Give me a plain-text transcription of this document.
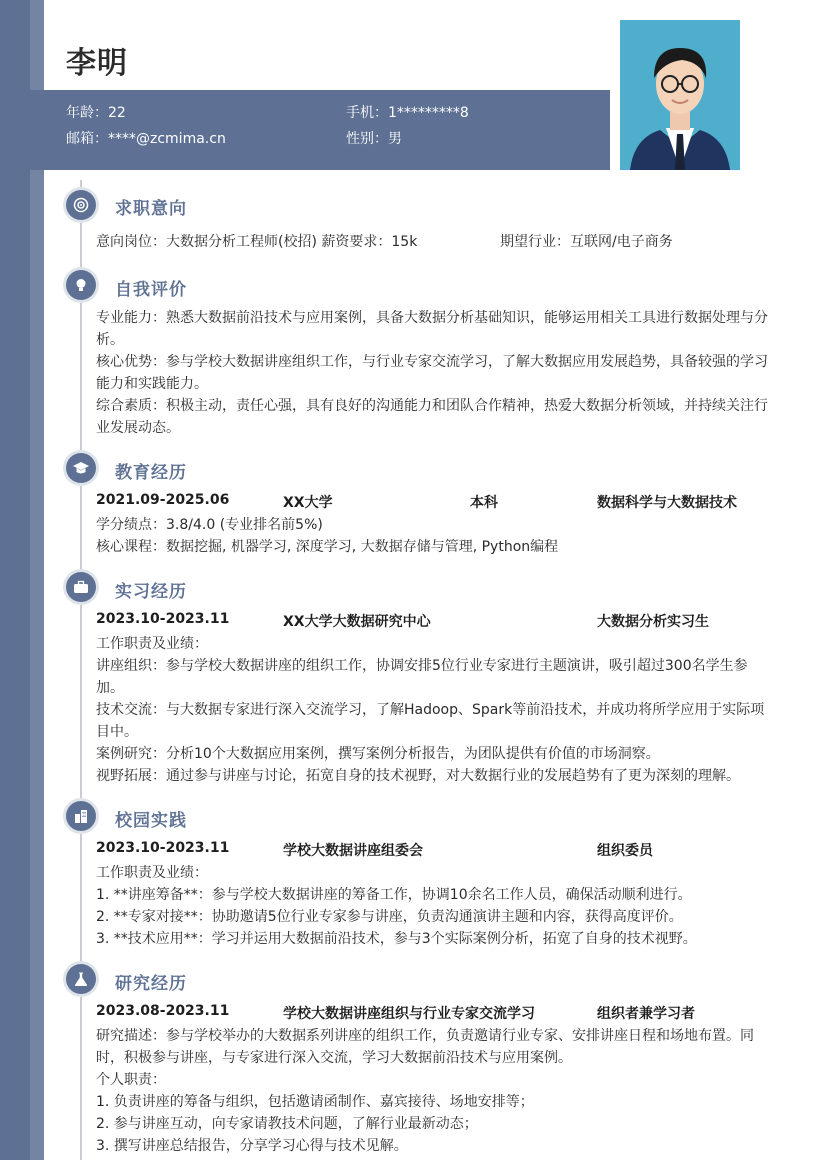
李明
年龄：22	手机：1*********8
邮箱：****@zcmima.cn	性别：男
求职意向
意向岗位：大数据分析工程师(校招) 薪资要求：15k	期望行业：互联网/电子商务
自我评价
专业能力：熟悉大数据前沿技术与应用案例，具备大数据分析基础知识，能够运用相关工具进行数据处理与分析。
核心优势：参与学校大数据讲座组织工作，与行业专家交流学习，了解大数据应用发展趋势，具备较强的学习能力和实践能力。
综合素质：积极主动，责任心强，具有良好的沟通能力和团队合作精神，热爱大数据分析领域，并持续关注行业发展动态。
教育经历
2021.09-2025.06	XX大学	本科	数据科学与大数据技术
学分绩点：3.8/4.0 (专业排名前5%)
核心课程：数据挖掘, 机器学习, 深度学习, 大数据存储与管理, Python编程
实习经历
2023.10-2023.11	XX大学大数据研究中心	大数据分析实习生
工作职责及业绩：
讲座组织：参与学校大数据讲座的组织工作，协调安排5位行业专家进行主题演讲，吸引超过300名学生参加。
技术交流：与大数据专家进行深入交流学习，了解Hadoop、Spark等前沿技术，并成功将所学应用于实际项目中。
案例研究：分析10个大数据应用案例，撰写案例分析报告，为团队提供有价值的市场洞察。
视野拓展：通过参与讲座与讨论，拓宽自身的技术视野，对大数据行业的发展趋势有了更为深刻的理解。
校园实践
2023.10-2023.11	学校大数据讲座组委会	组织委员
工作职责及业绩：
1. **讲座筹备**：参与学校大数据讲座的筹备工作，协调10余名工作人员，确保活动顺利进行。
2. **专家对接**：协助邀请5位行业专家参与讲座，负责沟通演讲主题和内容，获得高度评价。
3. **技术应用**：学习并运用大数据前沿技术，参与3个实际案例分析，拓宽了自身的技术视野。
研究经历
2023.08-2023.11	学校大数据讲座组织与行业专家交流学习	组织者兼学习者
研究描述：参与学校举办的大数据系列讲座的组织工作，负责邀请行业专家、安排讲座日程和场地布置。同时，积极参与讲座，与专家进行深入交流，学习大数据前沿技术与应用案例。
个人职责：
1. 负责讲座的筹备与组织，包括邀请函制作、嘉宾接待、场地安排等；
2. 参与讲座互动，向专家请教技术问题，了解行业最新动态；
3. 撰写讲座总结报告，分享学习心得与技术见解。
